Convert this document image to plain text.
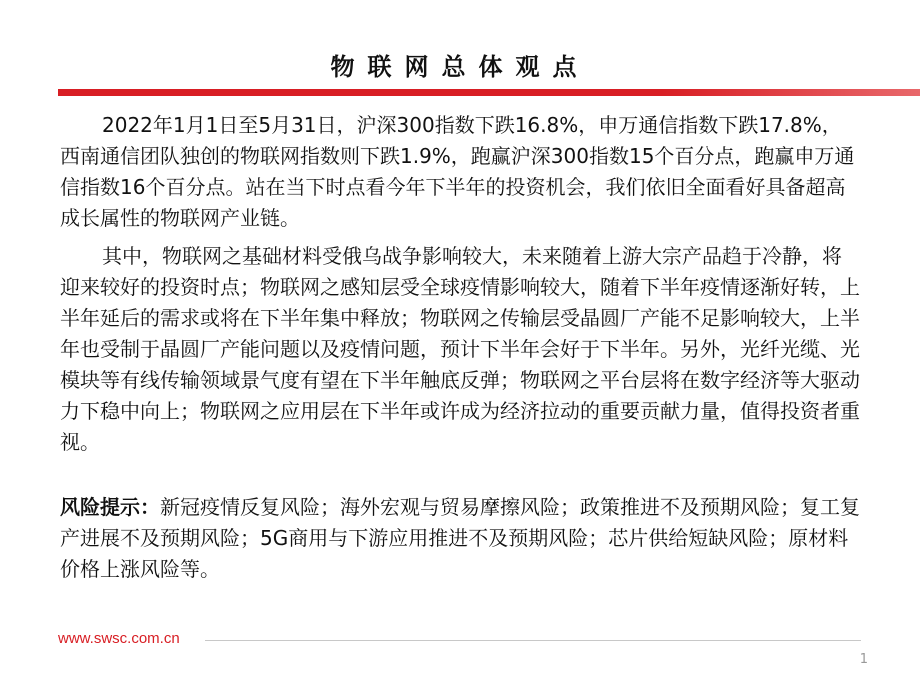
物联网总体观点

2022年1月1日至5月31日，沪深300指数下跌16.8%，申万通信指数下跌17.8%，西南通信团队独创的物联网指数则下跌1.9%，跑赢沪深300指数15个百分点，跑赢申万通信指数16个百分点。站在当下时点看今年下半年的投资机会，我们依旧全面看好具备超高成长属性的物联网产业链。

其中，物联网之基础材料受俄乌战争影响较大，未来随着上游大宗产品趋于冷静，将迎来较好的投资时点；物联网之感知层受全球疫情影响较大，随着下半年疫情逐渐好转，上半年延后的需求或将在下半年集中释放；物联网之传输层受晶圆厂产能不足影响较大，上半年也受制于晶圆厂产能问题以及疫情问题，预计下半年会好于下半年。另外，光纤光缆、光模块等有线传输领域景气度有望在下半年触底反弹；物联网之平台层将在数字经济等大驱动力下稳中向上；物联网之应用层在下半年或许成为经济拉动的重要贡献力量，值得投资者重视。

风险提示：新冠疫情反复风险；海外宏观与贸易摩擦风险；政策推进不及预期风险；复工复产进展不及预期风险；5G商用与下游应用推进不及预期风险；芯片供给短缺风险；原材料价格上涨风险等。

www.swsc.com.cn
1
